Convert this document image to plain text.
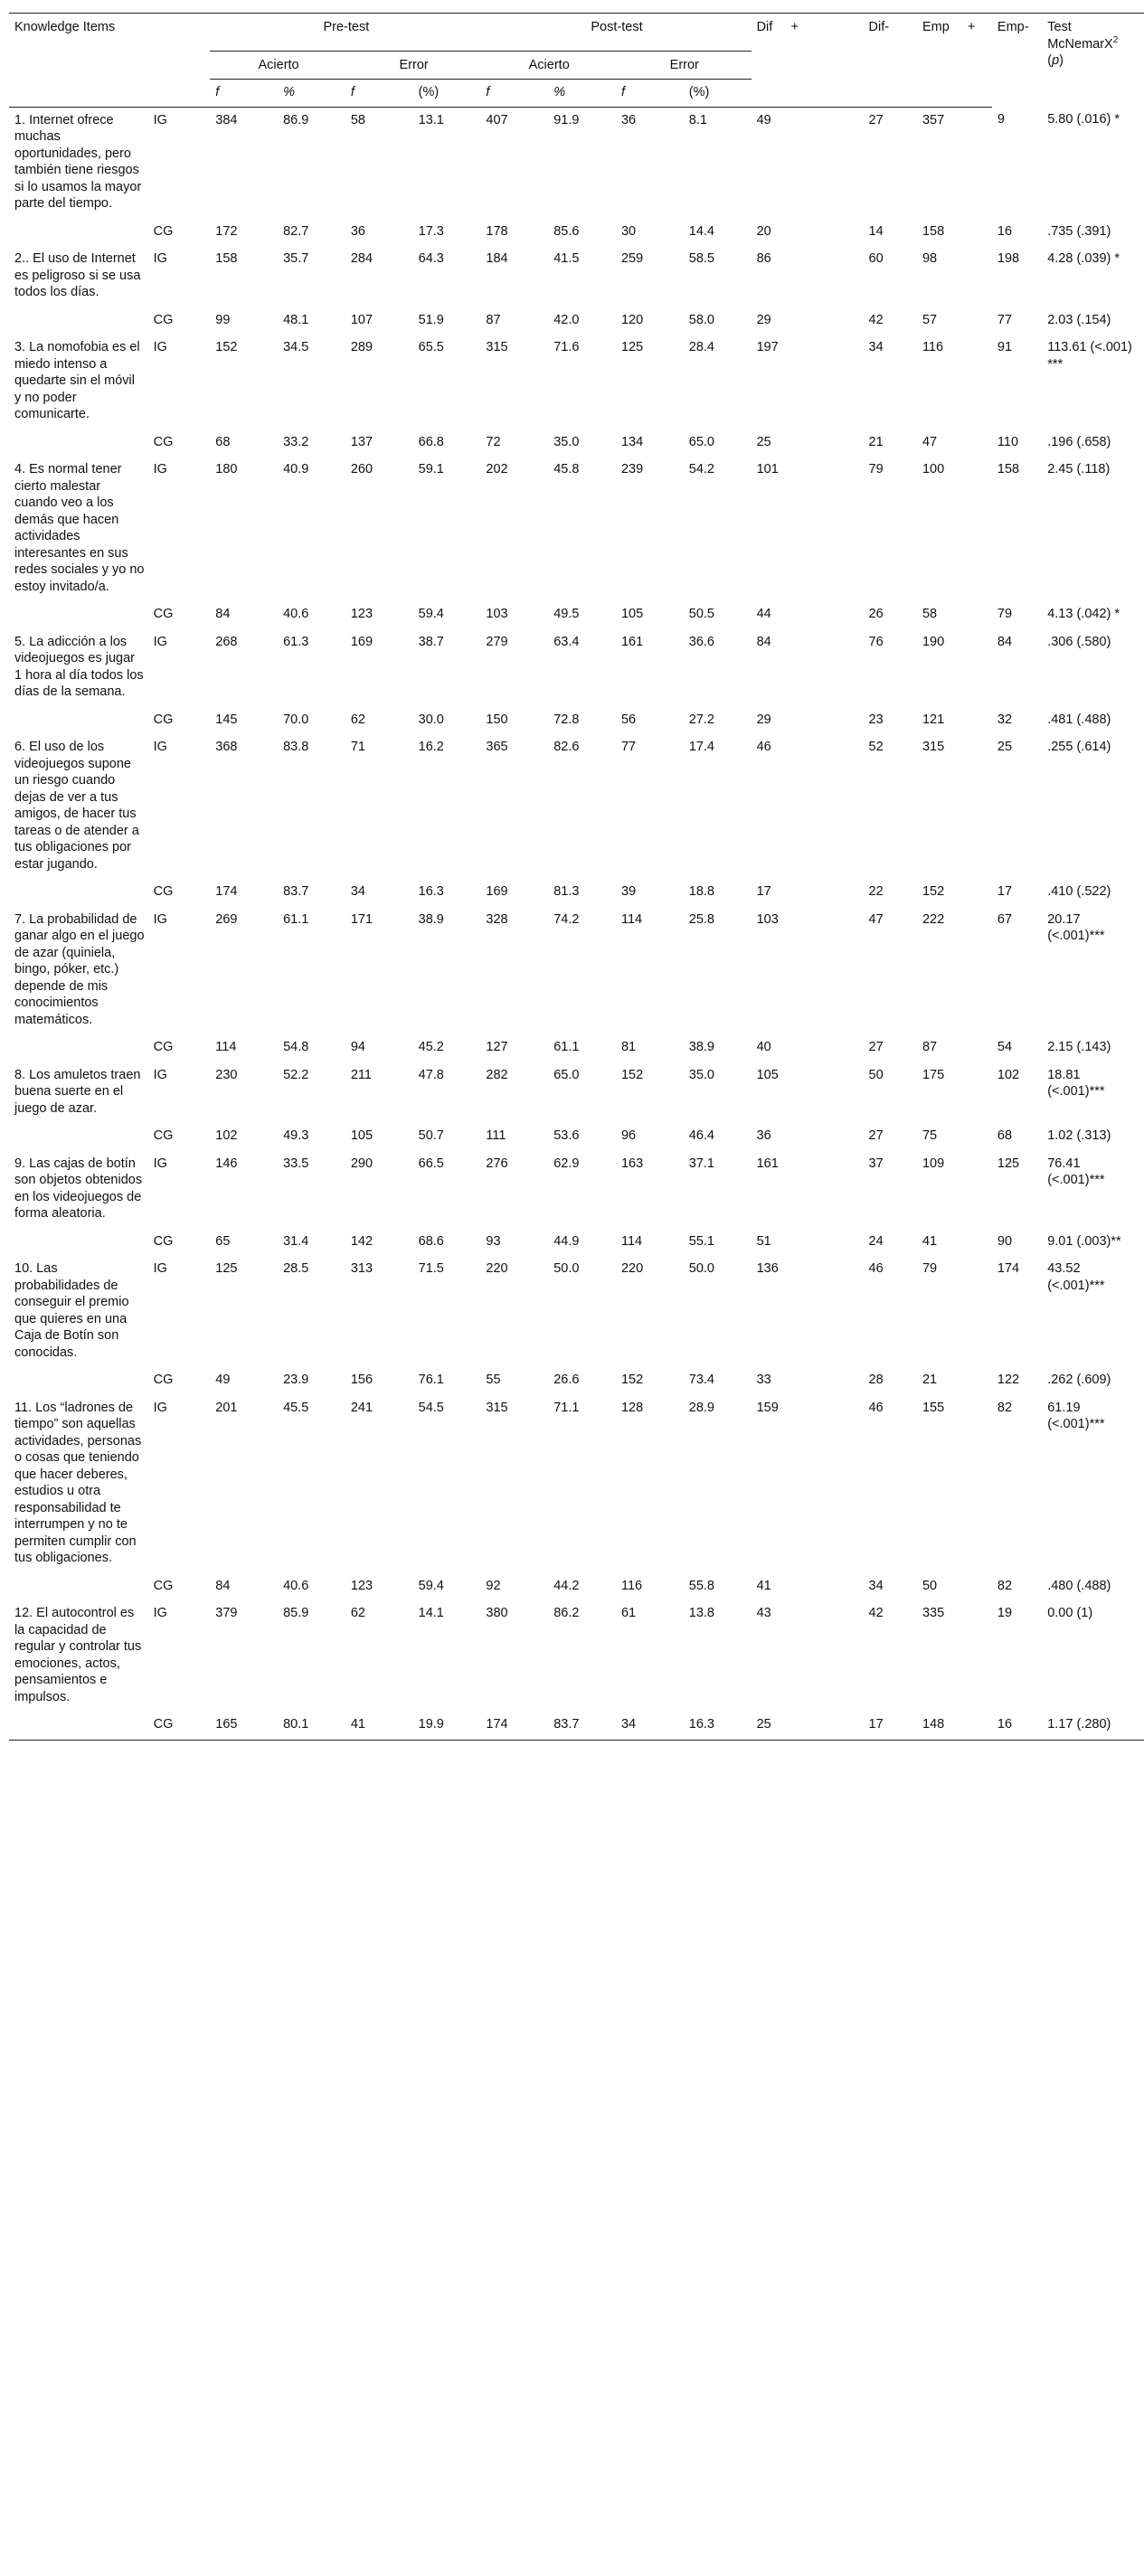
Knowledge Items		Pre-test				Post-test				Dif +		Dif-	Emp +		Emp-	Test
McNemarX$^2$
(p)
		Acierto		Error		Acierto		Error								
		f	%	f	(%)	f	%	f	(%)							
1. Internet ofrece muchas oportunidades, pero también tiene riesgos si lo usamos la mayor parte del tiempo.	IG	384	86.9	58	13.1	407	91.9	36	8.1	49		27	357		9	5.80 (.016) *
	CG	172	82.7	36	17.3	178	85.6	30	14.4	20		14	158		16	.735 (.391)
2.. El uso de Internet es peligroso si se usa todos los días.	IG	158	35.7	284	64.3	184	41.5	259	58.5	86		60	98		198	4.28 (.039) *
	CG	99	48.1	107	51.9	87	42.0	120	58.0	29		42	57		77	2.03 (.154)
3. La nomofobia es el miedo intenso a quedarte sin el móvil y no poder comunicarte.	IG	152	34.5	289	65.5	315	71.6	125	28.4	197		34	116		91	113.61 (<.001) ***
	CG	68	33.2	137	66.8	72	35.0	134	65.0	25		21	47		110	.196 (.658)
4. Es normal tener cierto malestar cuando veo a los demás que hacen actividades interesantes en sus redes sociales y yo no estoy invitado/a.	IG	180	40.9	260	59.1	202	45.8	239	54.2	101		79	100		158	2.45 (.118)
	CG	84	40.6	123	59.4	103	49.5	105	50.5	44		26	58		79	4.13 (.042) *
5. La adicción a los videojuegos es jugar 1 hora al día todos los días de la semana.	IG	268	61.3	169	38.7	279	63.4	161	36.6	84		76	190		84	.306 (.580)
	CG	145	70.0	62	30.0	150	72.8	56	27.2	29		23	121		32	.481 (.488)
6. El uso de los videojuegos supone un riesgo cuando dejas de ver a tus amigos, de hacer tus tareas o de atender a tus obligaciones por estar jugando.	IG	368	83.8	71	16.2	365	82.6	77	17.4	46		52	315		25	.255 (.614)
	CG	174	83.7	34	16.3	169	81.3	39	18.8	17		22	152		17	.410 (.522)
7. La probabilidad de ganar algo en el juego de azar (quiniela, bingo, póker, etc.) depende de mis conocimientos matemáticos.	IG	269	61.1	171	38.9	328	74.2	114	25.8	103		47	222		67	20.17 (<.001)***
	CG	114	54.8	94	45.2	127	61.1	81	38.9	40		27	87		54	2.15 (.143)
8. Los amuletos traen buena suerte en el juego de azar.	IG	230	52.2	211	47.8	282	65.0	152	35.0	105		50	175		102	18.81 (<.001)***
	CG	102	49.3	105	50.7	111	53.6	96	46.4	36		27	75		68	1.02 (.313)
9. Las cajas de botín son objetos obtenidos en los videojuegos de forma aleatoria.	IG	146	33.5	290	66.5	276	62.9	163	37.1	161		37	109		125	76.41 (<.001)***
	CG	65	31.4	142	68.6	93	44.9	114	55.1	51		24	41		90	9.01 (.003)**
10. Las probabilidades de conseguir el premio que quieres en una Caja de Botín son conocidas.	IG	125	28.5	313	71.5	220	50.0	220	50.0	136		46	79		174	43.52 (<.001)***
	CG	49	23.9	156	76.1	55	26.6	152	73.4	33		28	21		122	.262 (.609)
11. Los “ladrones de tiempo” son aquellas actividades, personas o cosas que teniendo que hacer deberes, estudios u otra responsabilidad te interrumpen y no te permiten cumplir con tus obligaciones.	IG	201	45.5	241	54.5	315	71.1	128	28.9	159		46	155		82	61.19 (<.001)***
	CG	84	40.6	123	59.4	92	44.2	116	55.8	41		34	50		82	.480 (.488)
12. El autocontrol es la capacidad de regular y controlar tus emociones, actos, pensamientos e impulsos.	IG	379	85.9	62	14.1	380	86.2	61	13.8	43		42	335		19	0.00 (1)
	CG	165	80.1	41	19.9	174	83.7	34	16.3	25		17	148		16	1.17 (.280)
